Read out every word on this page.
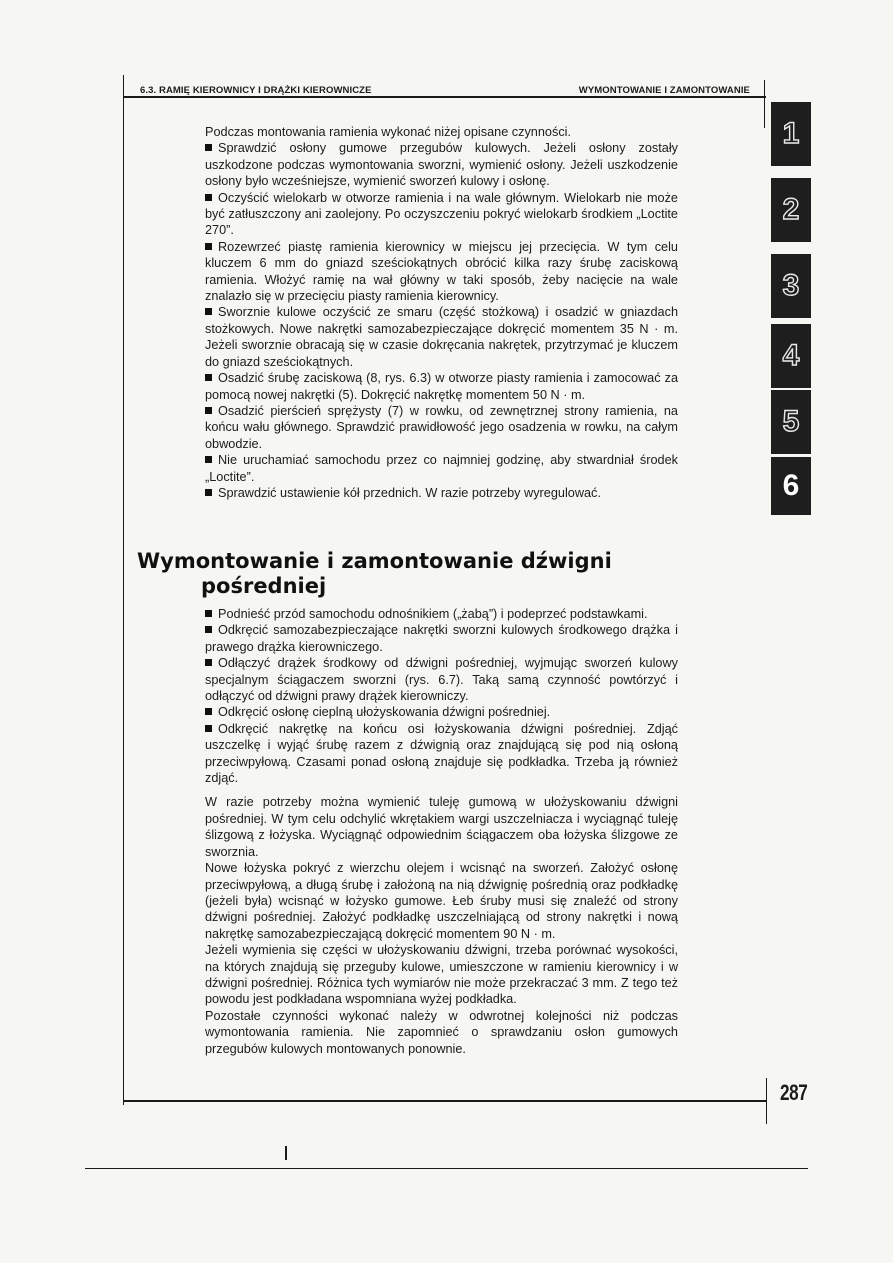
6.3. RAMIĘ KIEROWNICY I DRĄŻKI KIEROWNICZE	WYMONTOWANIE I ZAMONTOWANIE

Podczas montowania ramienia wykonać niżej opisane czynności.

Sprawdzić osłony gumowe przegubów kulowych. Jeżeli osłony zostały uszkodzone podczas wymontowania sworzni, wymienić osłony. Jeżeli uszkodzenie osłony było wcześniejsze, wymienić sworzeń kulowy i osłonę.

Oczyścić wielokarb w otworze ramienia i na wale głównym. Wielokarb nie może być zatłuszczony ani zaolejony. Po oczyszczeniu pokryć wielokarb środkiem „Loctite 270”.

Rozewrzeć piastę ramienia kierownicy w miejscu jej przecięcia. W tym celu kluczem 6 mm do gniazd sześciokątnych obrócić kilka razy śrubę zaciskową ramienia. Włożyć ramię na wał główny w taki sposób, żeby nacięcie na wale znalazło się w przecięciu piasty ramienia kierownicy.

Sworznie kulowe oczyścić ze smaru (część stożkową) i osadzić w gniazdach stożkowych. Nowe nakrętki samozabezpieczające dokręcić momentem 35 N · m. Jeżeli sworznie obracają się w czasie dokręcania nakrętek, przytrzymać je kluczem do gniazd sześciokątnych.

Osadzić śrubę zaciskową (8, rys. 6.3) w otworze piasty ramienia i zamocować za pomocą nowej nakrętki (5). Dokręcić nakrętkę momentem 50 N · m.

Osadzić pierścień sprężysty (7) w rowku, od zewnętrznej strony ramienia, na końcu wału głównego. Sprawdzić prawidłowość jego osadzenia w rowku, na całym obwodzie.

Nie uruchamiać samochodu przez co najmniej godzinę, aby stwardniał środek „Loctite”.

Sprawdzić ustawienie kół przednich. W razie potrzeby wyregulować.

Wymontowanie i zamontowanie dźwigni
pośredniej

Podnieść przód samochodu odnośnikiem („żabą”) i podeprzeć podstawkami.

Odkręcić samozabezpieczające nakrętki sworzni kulowych środkowego drążka i prawego drążka kierowniczego.

Odłączyć drążek środkowy od dźwigni pośredniej, wyjmując sworzeń kulowy specjalnym ściągaczem sworzni (rys. 6.7). Taką samą czynność powtórzyć i odłączyć od dźwigni prawy drążek kierowniczy.

Odkręcić osłonę cieplną ułożyskowania dźwigni pośredniej.

Odkręcić nakrętkę na końcu osi łożyskowania dźwigni pośredniej. Zdjąć uszczelkę i wyjąć śrubę razem z dźwignią oraz znajdującą się pod nią osłoną przeciwpyłową. Czasami ponad osłoną znajduje się podkładka. Trzeba ją również zdjąć.

W razie potrzeby można wymienić tuleję gumową w ułożyskowaniu dźwigni pośredniej. W tym celu odchylić wkrętakiem wargi uszczelniacza i wyciągnąć tuleję ślizgową z łożyska. Wyciągnąć odpowiednim ściągaczem oba łożyska ślizgowe ze sworznia.

Nowe łożyska pokryć z wierzchu olejem i wcisnąć na sworzeń. Założyć osłonę przeciwpyłową, a długą śrubę i założoną na nią dźwignię pośrednią oraz podkładkę (jeżeli była) wcisnąć w łożysko gumowe. Łeb śruby musi się znaleźć od strony dźwigni pośredniej. Założyć podkładkę uszczelniającą od strony nakrętki i nową nakrętkę samozabezpieczającą dokręcić momentem 90 N · m.

Jeżeli wymienia się części w ułożyskowaniu dźwigni, trzeba porównać wysokości, na których znajdują się przeguby kulowe, umieszczone w ramieniu kierownicy i w dźwigni pośredniej. Różnica tych wymiarów nie może przekraczać 3 mm. Z tego też powodu jest podkładana wspomniana wyżej podkładka.

Pozostałe czynności wykonać należy w odwrotnej kolejności niż podczas wymontowania ramienia. Nie zapomnieć o sprawdzaniu osłon gumowych przegubów kulowych montowanych ponownie.

1
2
3
4
5
6
287
